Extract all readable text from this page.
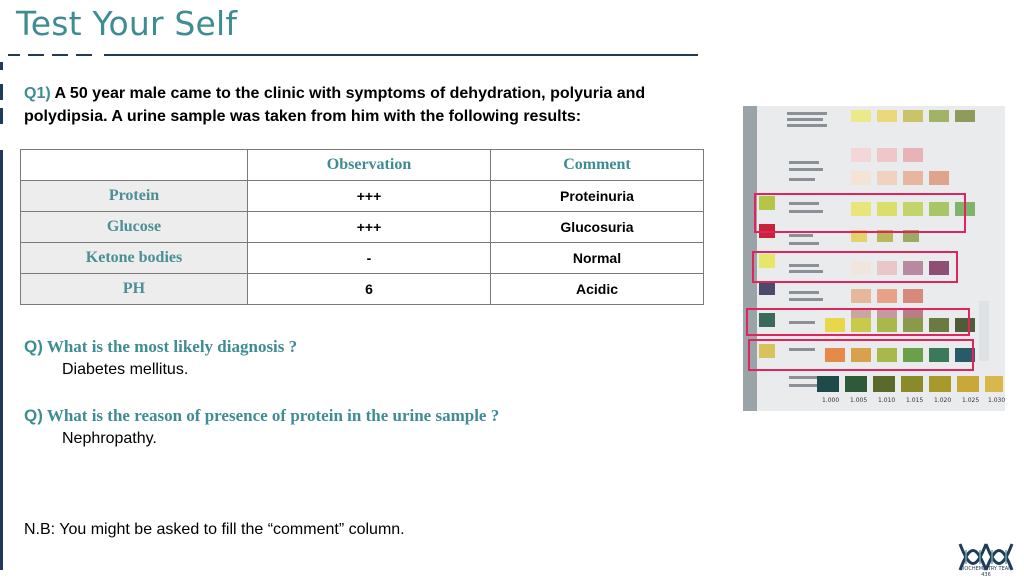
Test Your Self
Q1) A 50 year male came to the clinic with symptoms of dehydration, polyuria and polydipsia. A urine sample was taken from him with the following results:
	Observation	Comment
Protein	+++	Proteinuria
Glucose	+++	Glucosuria
Ketone bodies	-	Normal
PH	6	Acidic
Q) What is the most likely diagnosis ?
Diabetes mellitus.
Q) What is the reason of presence of protein in the urine sample ?
Nephropathy.
N.B: You might be asked to fill the “comment” column.
1.000 1.005 1.010 1.015 1.020 1.025 1.030
BIOCHEMISTRY TEAM 436
